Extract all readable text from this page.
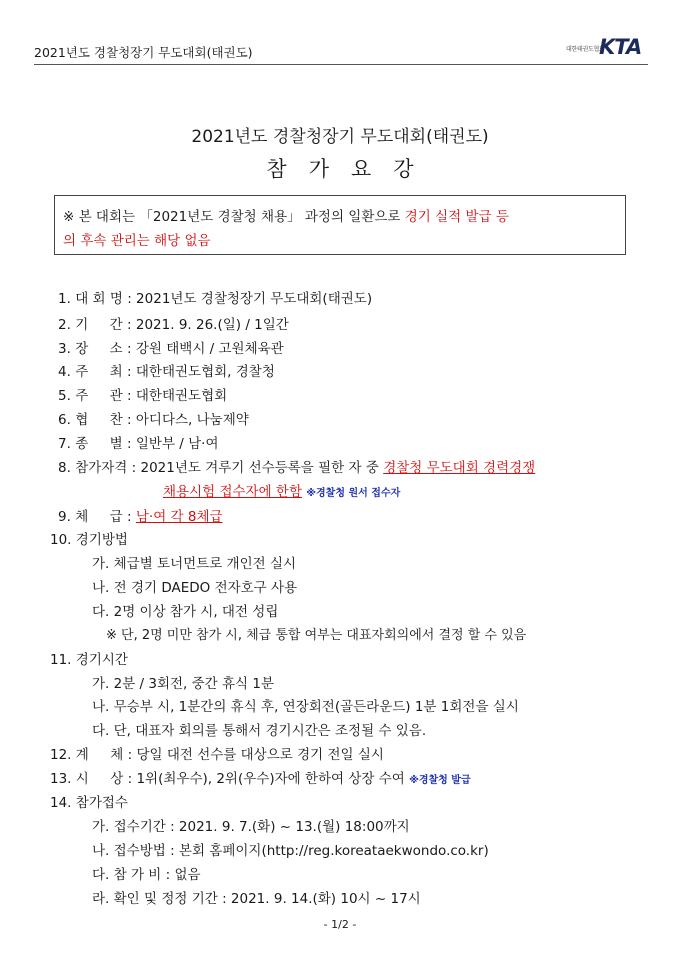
2021년도 경찰청장기 무도대회(태권도)	대한태권도협회
KTA
2021년도 경찰청장기 무도대회(태권도)
참가요강
※ 본 대회는 「2021년도 경찰청 채용」 과정의 일환으로 경기 실적 발급 등
의 후속 관리는 해당 없음
1. 대 회 명 : 2021년도 경찰청장기 무도대회(태권도)
2. 기     간 : 2021. 9. 26.(일) / 1일간
3. 장     소 : 강원 태백시 / 고원체육관
4. 주     최 : 대한태권도협회, 경찰청
5. 주     관 : 대한태권도협회
6. 협     찬 : 아디다스, 나눔제약
7. 종     별 : 일반부 / 남·여
8. 참가자격 : 2021년도 겨루기 선수등록을 필한 자 중 경찰청 무도대회 경력경쟁
채용시험 접수자에 한함 ※경찰청 원서 접수자
9. 체     급 : 남·여 각 8체급
10. 경기방법
가. 체급별 토너먼트로 개인전 실시
나. 전 경기 DAEDO 전자호구 사용
다. 2명 이상 참가 시, 대전 성립
※ 단, 2명 미만 참가 시, 체급 통합 여부는 대표자회의에서 결정 할 수 있음
11. 경기시간
가. 2분 / 3회전, 중간 휴식 1분
나. 무승부 시, 1분간의 휴식 후, 연장회전(골든라운드) 1분 1회전을 실시
다. 단, 대표자 회의를 통해서 경기시간은 조정될 수 있음.
12. 계     체 : 당일 대전 선수를 대상으로 경기 전일 실시
13. 시     상 : 1위(최우수), 2위(우수)자에 한하여 상장 수여 ※경찰청 발급
14. 참가접수
가. 접수기간 : 2021. 9. 7.(화) ~ 13.(월) 18:00까지
나. 접수방법 : 본회 홈페이지(http://reg.koreataekwondo.co.kr)
다. 참 가 비 : 없음
라. 확인 및 정정 기간 : 2021. 9. 14.(화) 10시 ~ 17시
- 1/2 -
